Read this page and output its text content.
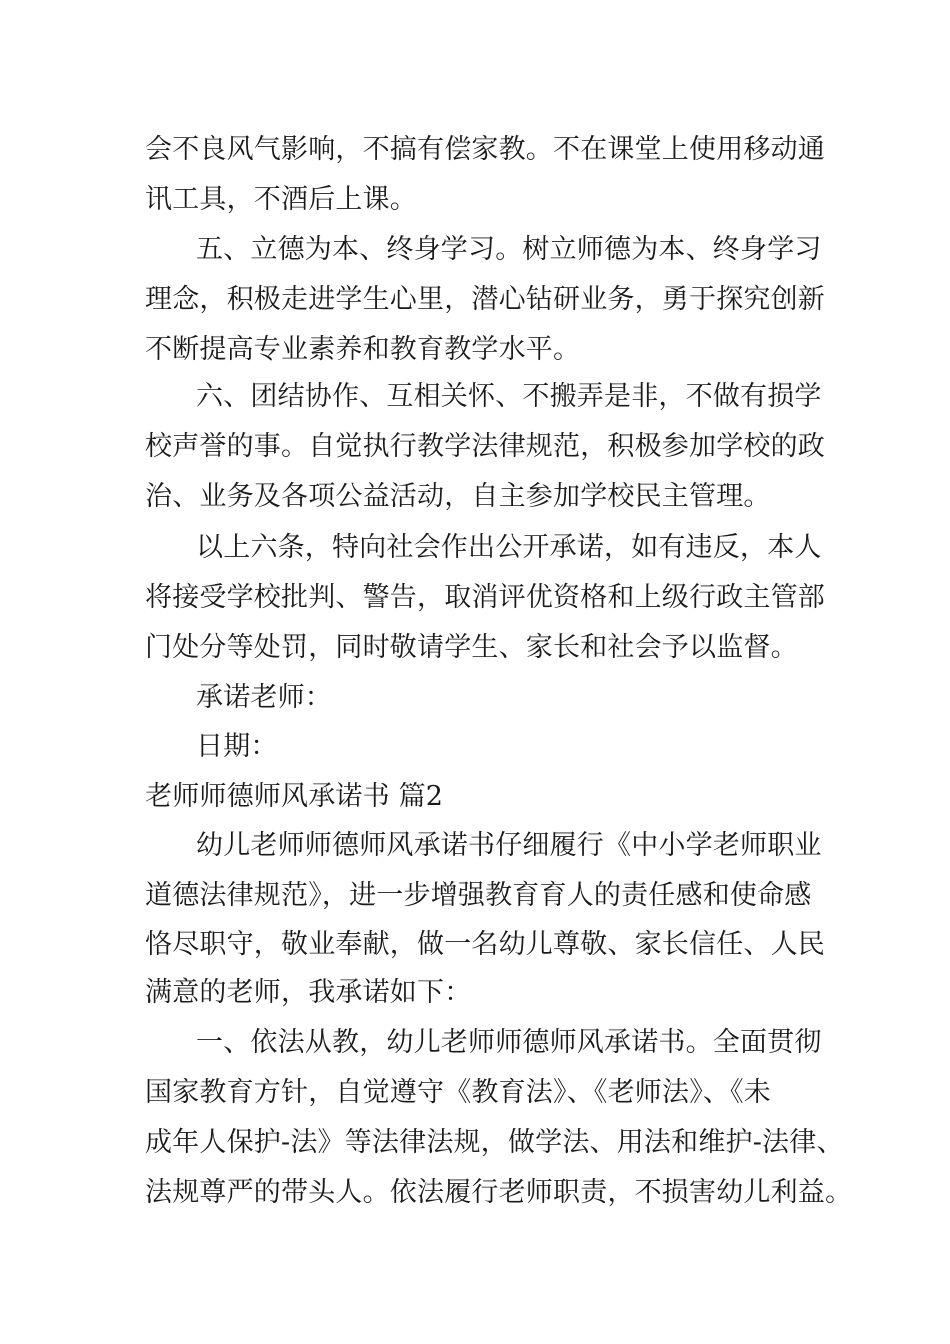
会不良风气影响，不搞有偿家教。不在课堂上使用移动通
讯工具，不酒后上课。
五、立德为本、终身学习。树立师德为本、终身学习
理念，积极走进学生心里，潜心钻研业务，勇于探究创新
不断提高专业素养和教育教学水平。
六、团结协作、互相关怀、不搬弄是非，不做有损学
校声誉的事。自觉执行教学法律规范，积极参加学校的政
治、业务及各项公益活动，自主参加学校民主管理。
以上六条，特向社会作出公开承诺，如有违反，本人
将接受学校批判、警告，取消评优资格和上级行政主管部
门处分等处罚，同时敬请学生、家长和社会予以监督。
承诺老师：
日期：
老师师德师风承诺书 篇2
幼儿老师师德师风承诺书仔细履行《中小学老师职业
道德法律规范》，进一步增强教育育人的责任感和使命感
恪尽职守，敬业奉献，做一名幼儿尊敬、家长信任、人民
满意的老师，我承诺如下：
一、依法从教，幼儿老师师德师风承诺书。全面贯彻
国家教育方针，自觉遵守《教育法》、《老师法》、《未
成年人保护-法》等法律法规，做学法、用法和维护-法律、
法规尊严的带头人。依法履行老师职责，不损害幼儿利益。
